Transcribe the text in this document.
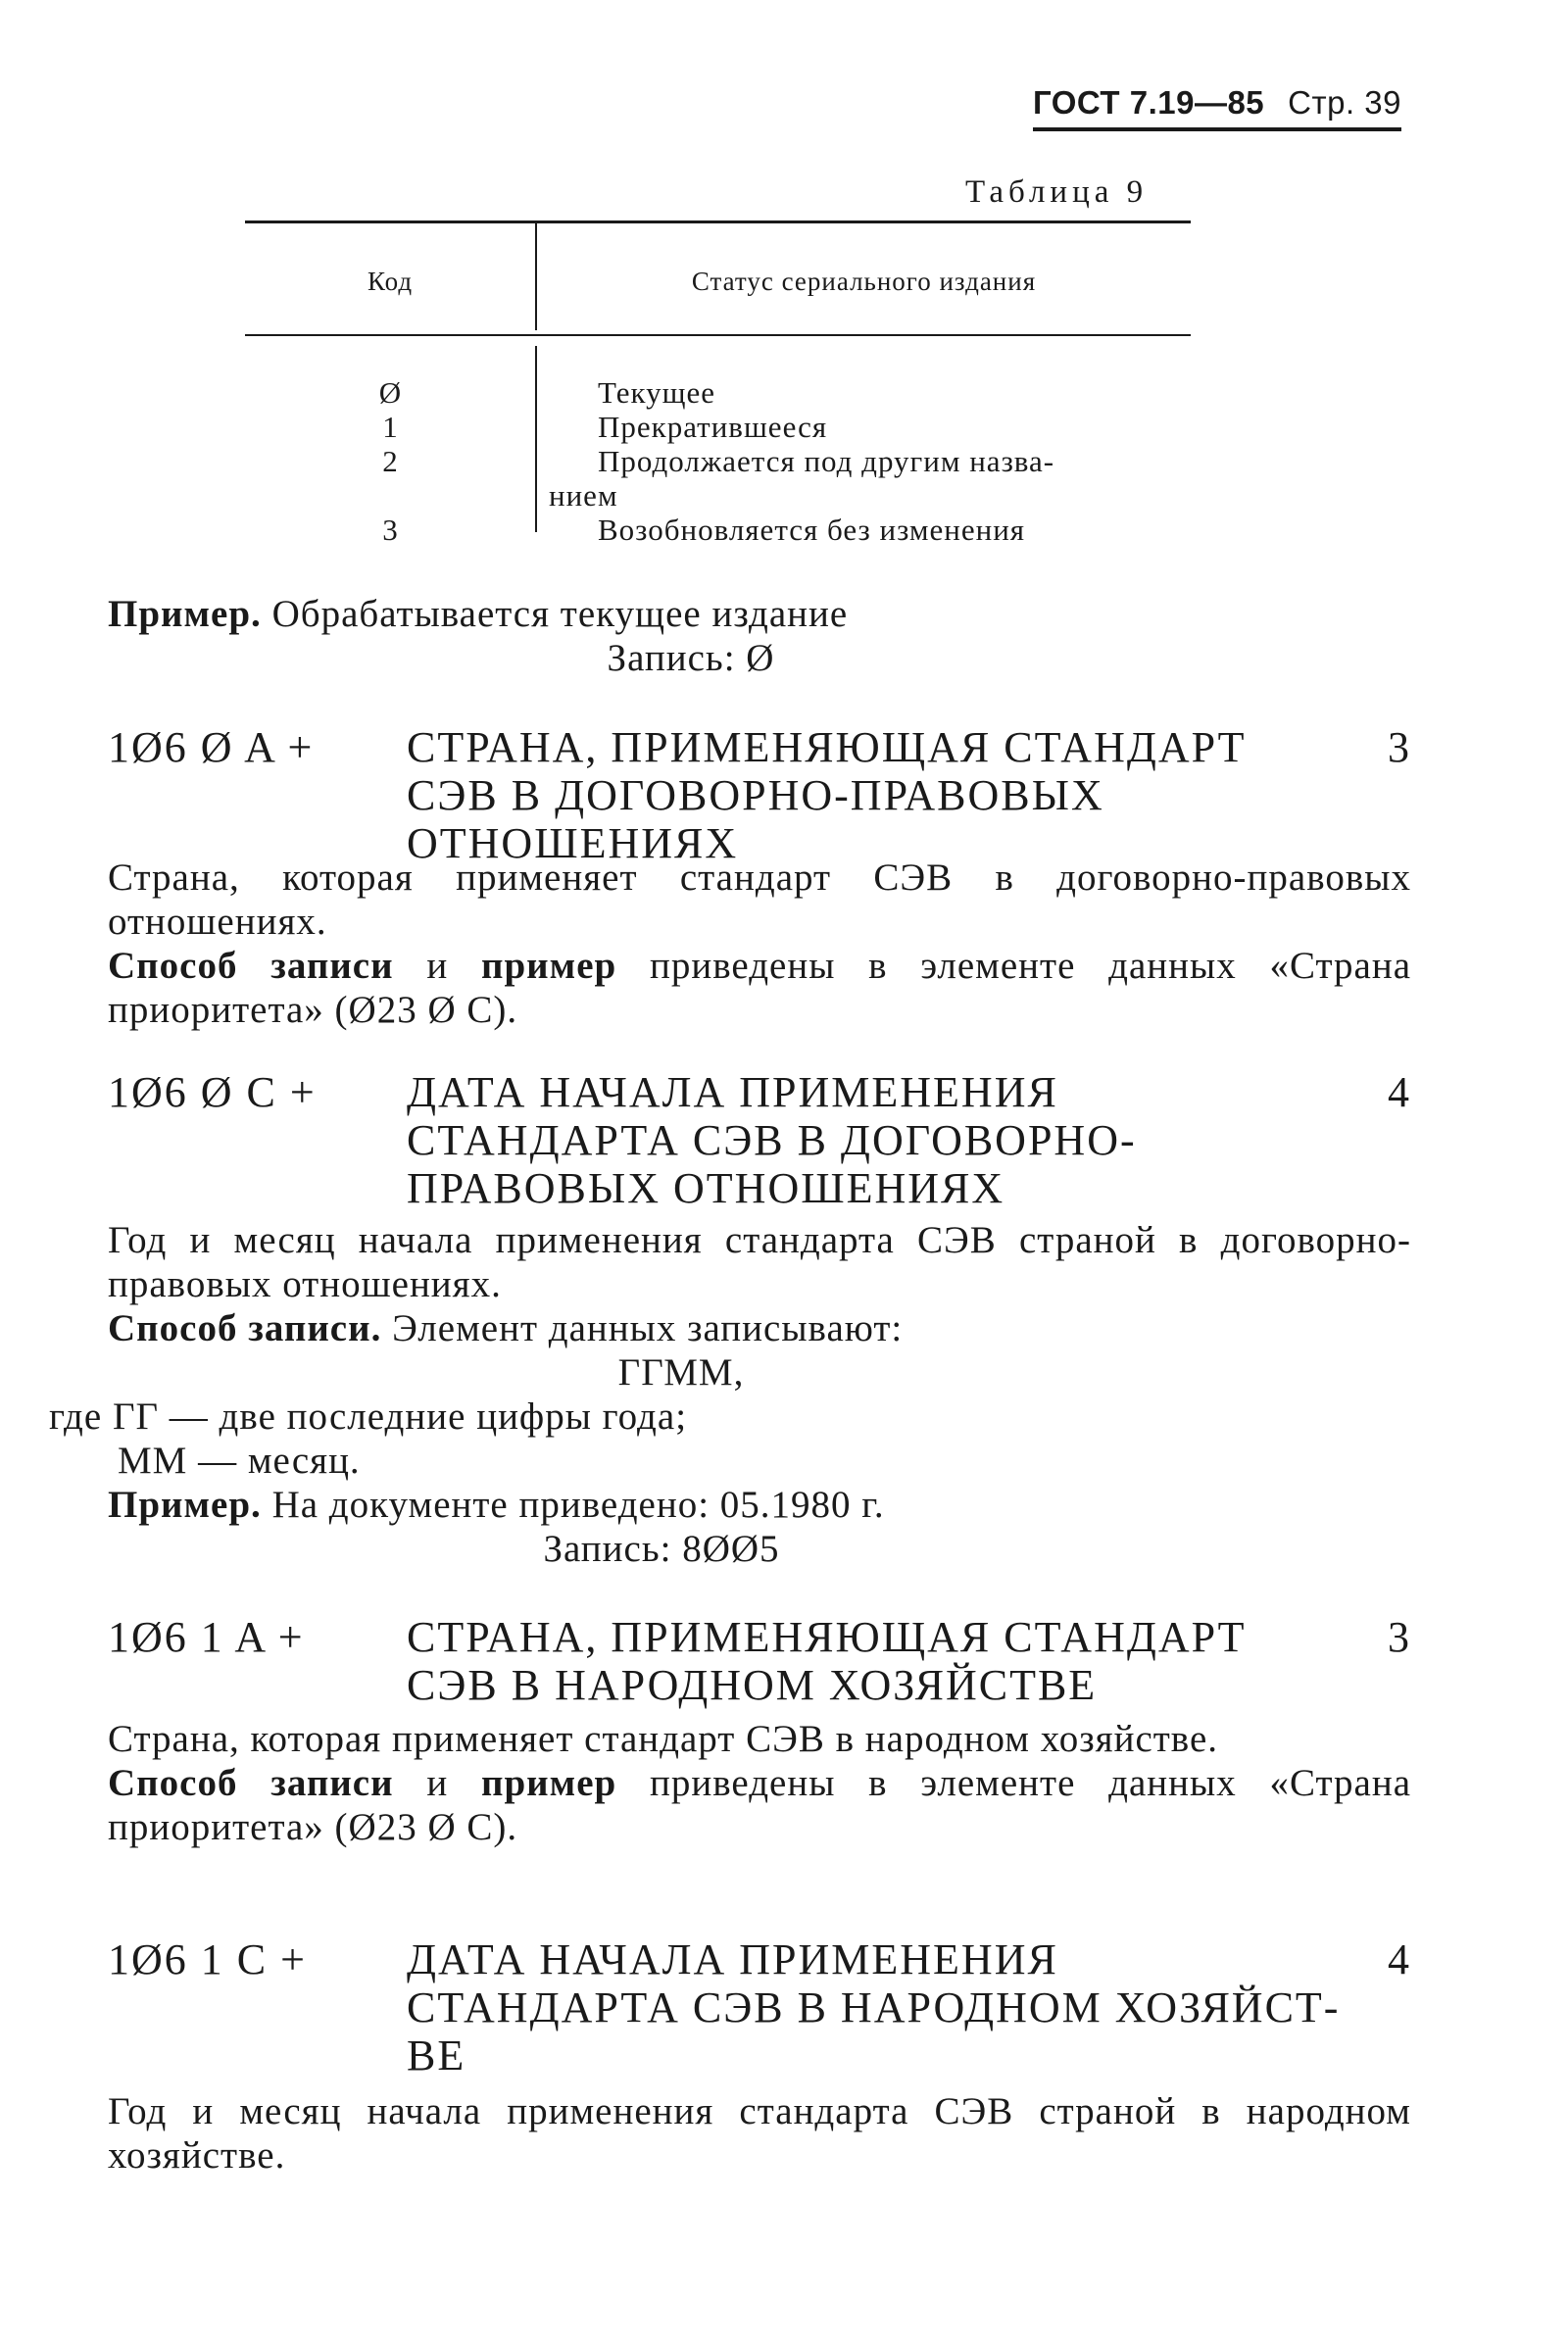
ГОСТ 7.19—85 Стр. 39
Таблица 9
Код	Статус сериального издания
Ø
1
2

3
Текущее
Прекратившееся
Продолжается под другим назва-
нием
Возобновляется без изменения

Пример. Обрабатывается текущее издание

Запись: Ø

1Ø6 Ø A + СТРАНА, ПРИМЕНЯЮЩАЯ СТАНДАРТ
СЭВ В ДОГОВОРНО-ПРАВОВЫХ
ОТНОШЕНИЯХ
3

Страна, которая применяет стандарт СЭВ в договорно-правовых отношениях.

Способ записи и пример приведены в элементе данных «Страна приоритета» (Ø23 Ø C).

1Ø6 Ø C + ДАТА НАЧАЛА ПРИМЕНЕНИЯ
СТАНДАРТА СЭВ В ДОГОВОРНО-
ПРАВОВЫХ ОТНОШЕНИЯХ
4

Год и месяц начала применения стандарта СЭВ страной в договорно-правовых отношениях.

Способ записи. Элемент данных записывают:

ГГММ,

где ГГ — две последние цифры года;

ММ — месяц.

Пример. На документе приведено: 05.1980 г.

Запись: 8ØØ5

1Ø6 1 A + СТРАНА, ПРИМЕНЯЮЩАЯ СТАНДАРТ
СЭВ В НАРОДНОМ ХОЗЯЙСТВЕ
3

Страна, которая применяет стандарт СЭВ в народном хозяйстве.

Способ записи и пример приведены в элементе данных «Страна приоритета» (Ø23 Ø C).

1Ø6 1 C + ДАТА НАЧАЛА ПРИМЕНЕНИЯ
СТАНДАРТА СЭВ В НАРОДНОМ ХОЗЯЙСТ-
ВЕ
4

Год и месяц начала применения стандарта СЭВ страной в народном хозяйстве.
